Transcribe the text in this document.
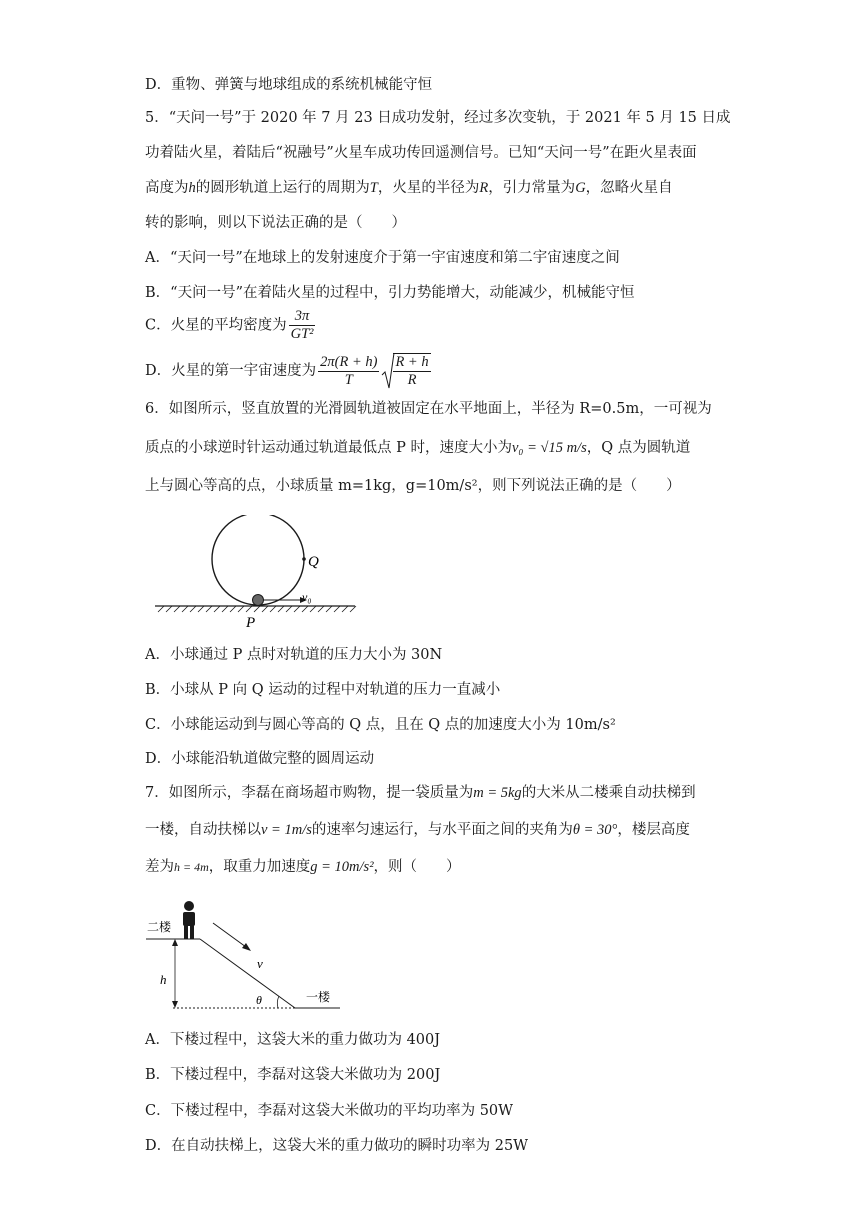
D．重物、弹簧与地球组成的系统机械能守恒
5．“天问一号”于 2020 年 7 月 23 日成功发射，经过多次变轨，于 2021 年 5 月 15 日成
功着陆火星，着陆后“祝融号”火星车成功传回遥测信号。已知“天问一号”在距火星表面
高度为h的圆形轨道上运行的周期为T，火星的半径为R，引力常量为G，忽略火星自
转的影响，则以下说法正确的是（　　）
A．“天问一号”在地球上的发射速度介于第一宇宙速度和第二宇宙速度之间
B．“天问一号”在着陆火星的过程中，引力势能增大，动能减少，机械能守恒
C．火星的平均密度为 $\frac{3\pi}{\text{GT²}}$
D．火星的第一宇宙速度为 $\frac{2\pi(R + h)}{T} \frac{R + h}{R}$
6．如图所示，竖直放置的光滑圆轨道被固定在水平地面上，半径为 R=0.5m，一可视为
质点的小球逆时针运动通过轨道最低点 P 时，速度大小为v₀ = √15 m/s，Q 点为圆轨道
上与圆心等高的点，小球质量 m=1kg，g=10m/s²，则下列说法正确的是（　　）
Q
v₀
P
A．小球通过 P 点时对轨道的压力大小为 30N
B．小球从 P 向 Q 运动的过程中对轨道的压力一直减小
C．小球能运动到与圆心等高的 Q 点，且在 Q 点的加速度大小为 10m/s²
D．小球能沿轨道做完整的圆周运动
7．如图所示，李磊在商场超市购物，提一袋质量为m = 5kg的大米从二楼乘自动扶梯到
一楼，自动扶梯以v = 1m/s的速率匀速运行，与水平面之间的夹角为θ = 30°，楼层高度
差为h = 4m，取重力加速度g = 10m/s²，则（　　）
二楼
一楼
h
v
θ
A．下楼过程中，这袋大米的重力做功为 400J
B．下楼过程中，李磊对这袋大米做功为 200J
C．下楼过程中，李磊对这袋大米做功的平均功率为 50W
D．在自动扶梯上，这袋大米的重力做功的瞬时功率为 25W
